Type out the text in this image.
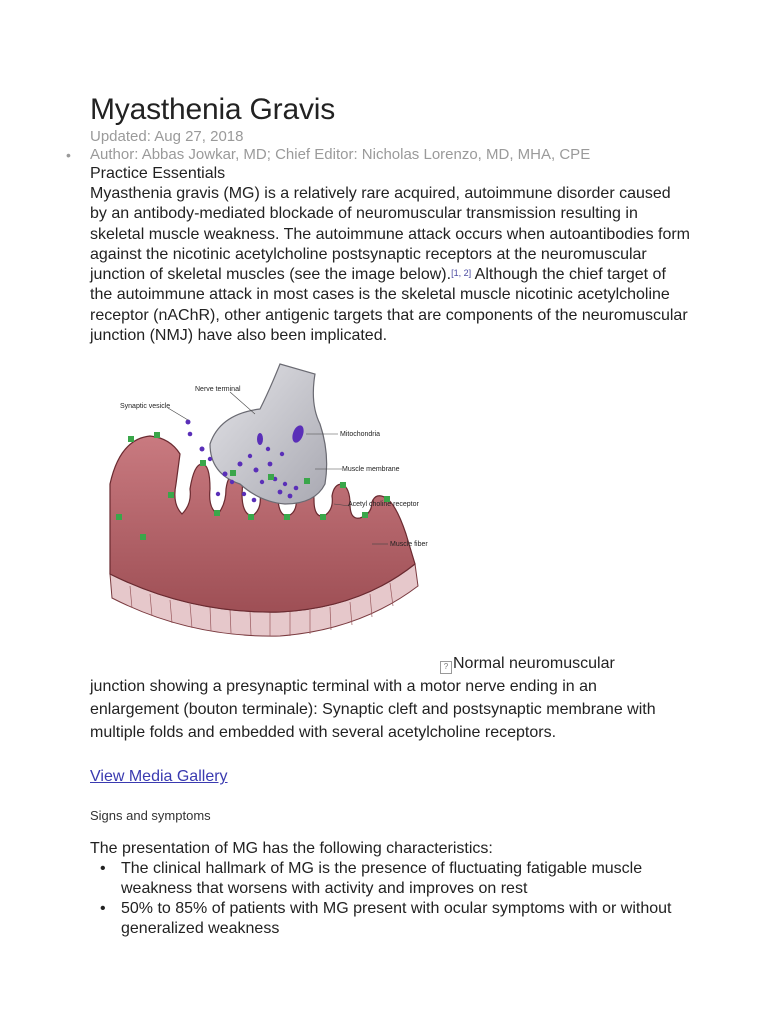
Myasthenia Gravis
Updated: Aug 27, 2018
• Author: Abbas Jowkar, MD; Chief Editor: Nicholas Lorenzo, MD, MHA, CPE
Practice Essentials

Myasthenia gravis (MG) is a relatively rare acquired, autoimmune disorder caused by an antibody-mediated blockade of neuromuscular transmission resulting in skeletal muscle weakness. The autoimmune attack occurs when autoantibodies form against the nicotinic acetylcholine postsynaptic receptors at the neuromuscular junction of skeletal muscles (see the image below).[1, 2] Although the chief target of the autoimmune attack in most cases is the skeletal muscle nicotinic acetylcholine receptor (nAChR), other antigenic targets that are components of the neuromuscular junction (NMJ) have also been implicated.

Nerve terminal
Synaptic vesicle
Mitochondria
Muscle membrane
Acetyl choline receptor
Muscle fiber
? Normal neuromuscular
junction showing a presynaptic terminal with a motor nerve ending in an enlargement (bouton terminale): Synaptic cleft and postsynaptic membrane with multiple folds and embedded with several acetylcholine receptors.
View Media Gallery
Signs and symptoms
The presentation of MG has the following characteristics:
• The clinical hallmark of MG is the presence of fluctuating fatigable muscle weakness that worsens with activity and improves on rest
• 50% to 85% of patients with MG present with ocular symptoms with or without generalized weakness
